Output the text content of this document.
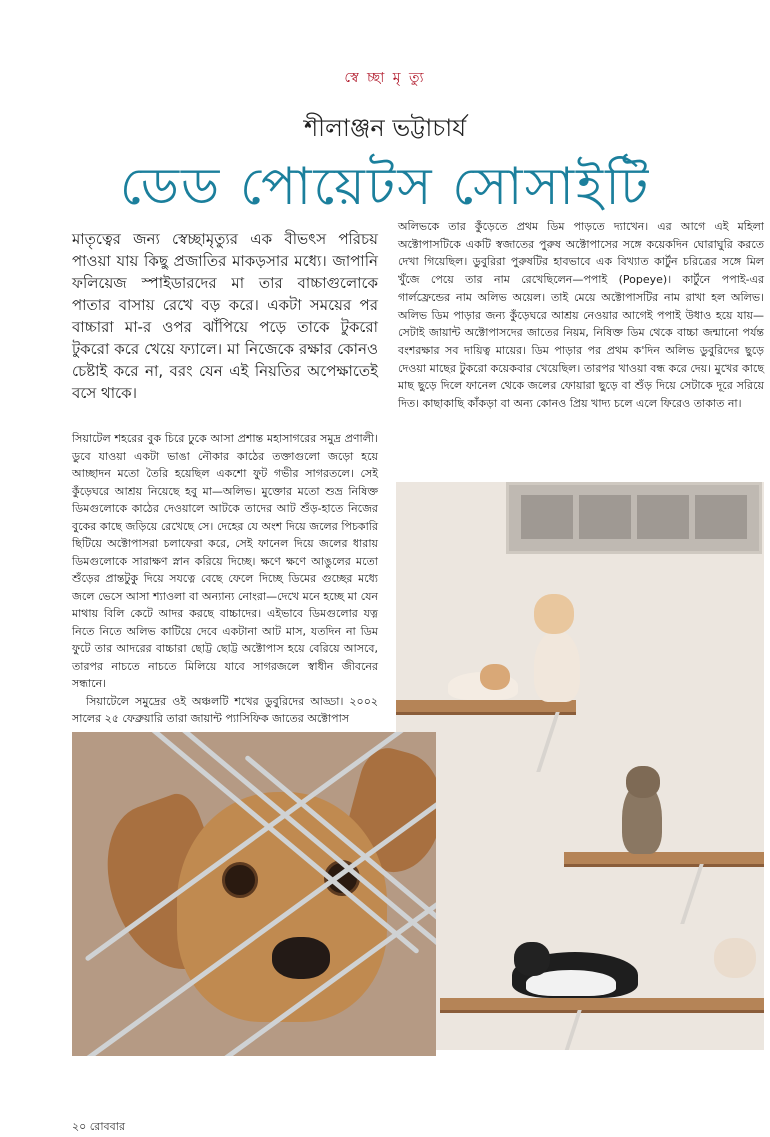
স্বে চ্ছা মৃ ত্যু
শীলাঞ্জন ভট্টাচার্য
ডেড পোয়েটস সোসাইটি
মাতৃত্বের জন্য স্বেচ্ছামৃত্যুর এক বীভৎস পরিচয় পাওয়া যায় কিছু প্রজাতির মাকড়সার মধ্যে। জাপানি ফলিয়েজ স্পাইডারদের মা তার বাচ্চাগুলোকে পাতার বাসায় রেখে বড় করে। একটা সময়ের পর বাচ্চারা মা-র ওপর ঝাঁপিয়ে পড়ে তাকে টুকরো টুকরো করে খেয়ে ফ্যালে। মা নিজেকে রক্ষার কোনও চেষ্টাই করে না, বরং যেন এই নিয়তির অপেক্ষাতেই বসে থাকে।

সিয়াটেল শহরের বুক চিরে ঢুকে আসা প্রশান্ত মহাসাগরের সমুদ্র প্রণালী। ডুবে যাওয়া একটা ভাঙা নৌকার কাঠের তক্তাগুলো জড়ো হয়ে আচ্ছাদন মতো তৈরি হয়েছিল একশো ফুট গভীর সাগরতলে। সেই কুঁড়েঘরে আশ্রয় নিয়েছে হবু মা—অলিভ। মুক্তোর মতো শুভ্র নিষিক্ত ডিমগুলোকে কাঠের দেওয়ালে আটকে তাদের আট শুঁড়-হাতে নিজের বুকের কাছে জড়িয়ে রেখেছে সে। দেহের যে অংশ দিয়ে জলের পিচকারি ছিটিয়ে অক্টোপাসরা চলাফেরা করে, সেই ফানেল দিয়ে জলের ধারায় ডিমগুলোকে সারাক্ষণ স্নান করিয়ে দিচ্ছে। ক্ষণে ক্ষণে আঙুলের মতো শুঁড়ের প্রান্তটুকু দিয়ে সযত্নে বেছে ফেলে দিচ্ছে ডিমের গুচ্ছের মধ্যে জলে ভেসে আসা শ্যাওলা বা অন্যান্য নোংরা—দেখে মনে হচ্ছে মা যেন মাথায় বিলি কেটে আদর করছে বাচ্চাদের। এইভাবে ডিমগুলোর যত্ন নিতে নিতে অলিভ কাটিয়ে দেবে একটানা আট মাস, যতদিন না ডিম ফুটে তার আদরের বাচ্চারা ছোট্ট ছোট্ট অক্টোপাস হয়ে বেরিয়ে আসবে, তারপর নাচতে নাচতে মিলিয়ে যাবে সাগরজলে স্বাধীন জীবনের সন্ধানে।

সিয়াটেলে সমুদ্রের ওই অঞ্চলটি শখের ডুবুরিদের আড্ডা। ২০০২ সালের ২৫ ফেব্রুয়ারি তারা জায়ান্ট প্যাসিফিক জাতের অক্টোপাস

অলিভকে তার কুঁড়েতে প্রথম ডিম পাড়তে দ্যাখেন। এর আগে এই মহিলা অক্টোপাসটিকে একটি স্বজাতের পুরুষ অক্টোপাসের সঙ্গে কয়েকদিন ঘোরাঘুরি করতে দেখা গিয়েছিল। ডুবুরিরা পুরুষটির হাবভাবে এক বিখ্যাত কার্টুন চরিত্রের সঙ্গে মিল খুঁজে পেয়ে তার নাম রেখেছিলেন—পপাই (Popeye)। কার্টুনে পপাই-এর গার্লফ্রেন্ডের নাম অলিভ অয়েল। তাই মেয়ে অক্টোপাসটির নাম রাখা হল অলিভ। অলিভ ডিম পাড়ার জন্য কুঁড়েঘরে আশ্রয় নেওয়ার আগেই পপাই উধাও হয়ে যায়—সেটাই জায়ান্ট অক্টোপাসদের জাতের নিয়ম, নিষিক্ত ডিম থেকে বাচ্চা জন্মানো পর্যন্ত বংশরক্ষার সব দায়িত্ব মায়ের। ডিম পাড়ার পর প্রথম ক'দিন অলিভ ডুবুরিদের ছুড়ে দেওয়া মাছের টুকরো কয়েকবার খেয়েছিল। তারপর খাওয়া বন্ধ করে দেয়। মুখের কাছে মাছ ছুড়ে দিলে ফানেল থেকে জলের ফোয়ারা ছুড়ে বা শুঁড় দিয়ে সেটাকে দূরে সরিয়ে দিত। কাছাকাছি কাঁকড়া বা অন্য কোনও প্রিয় খাদ্য চলে এলে ফিরেও তাকাত না।

২০ রোববার
